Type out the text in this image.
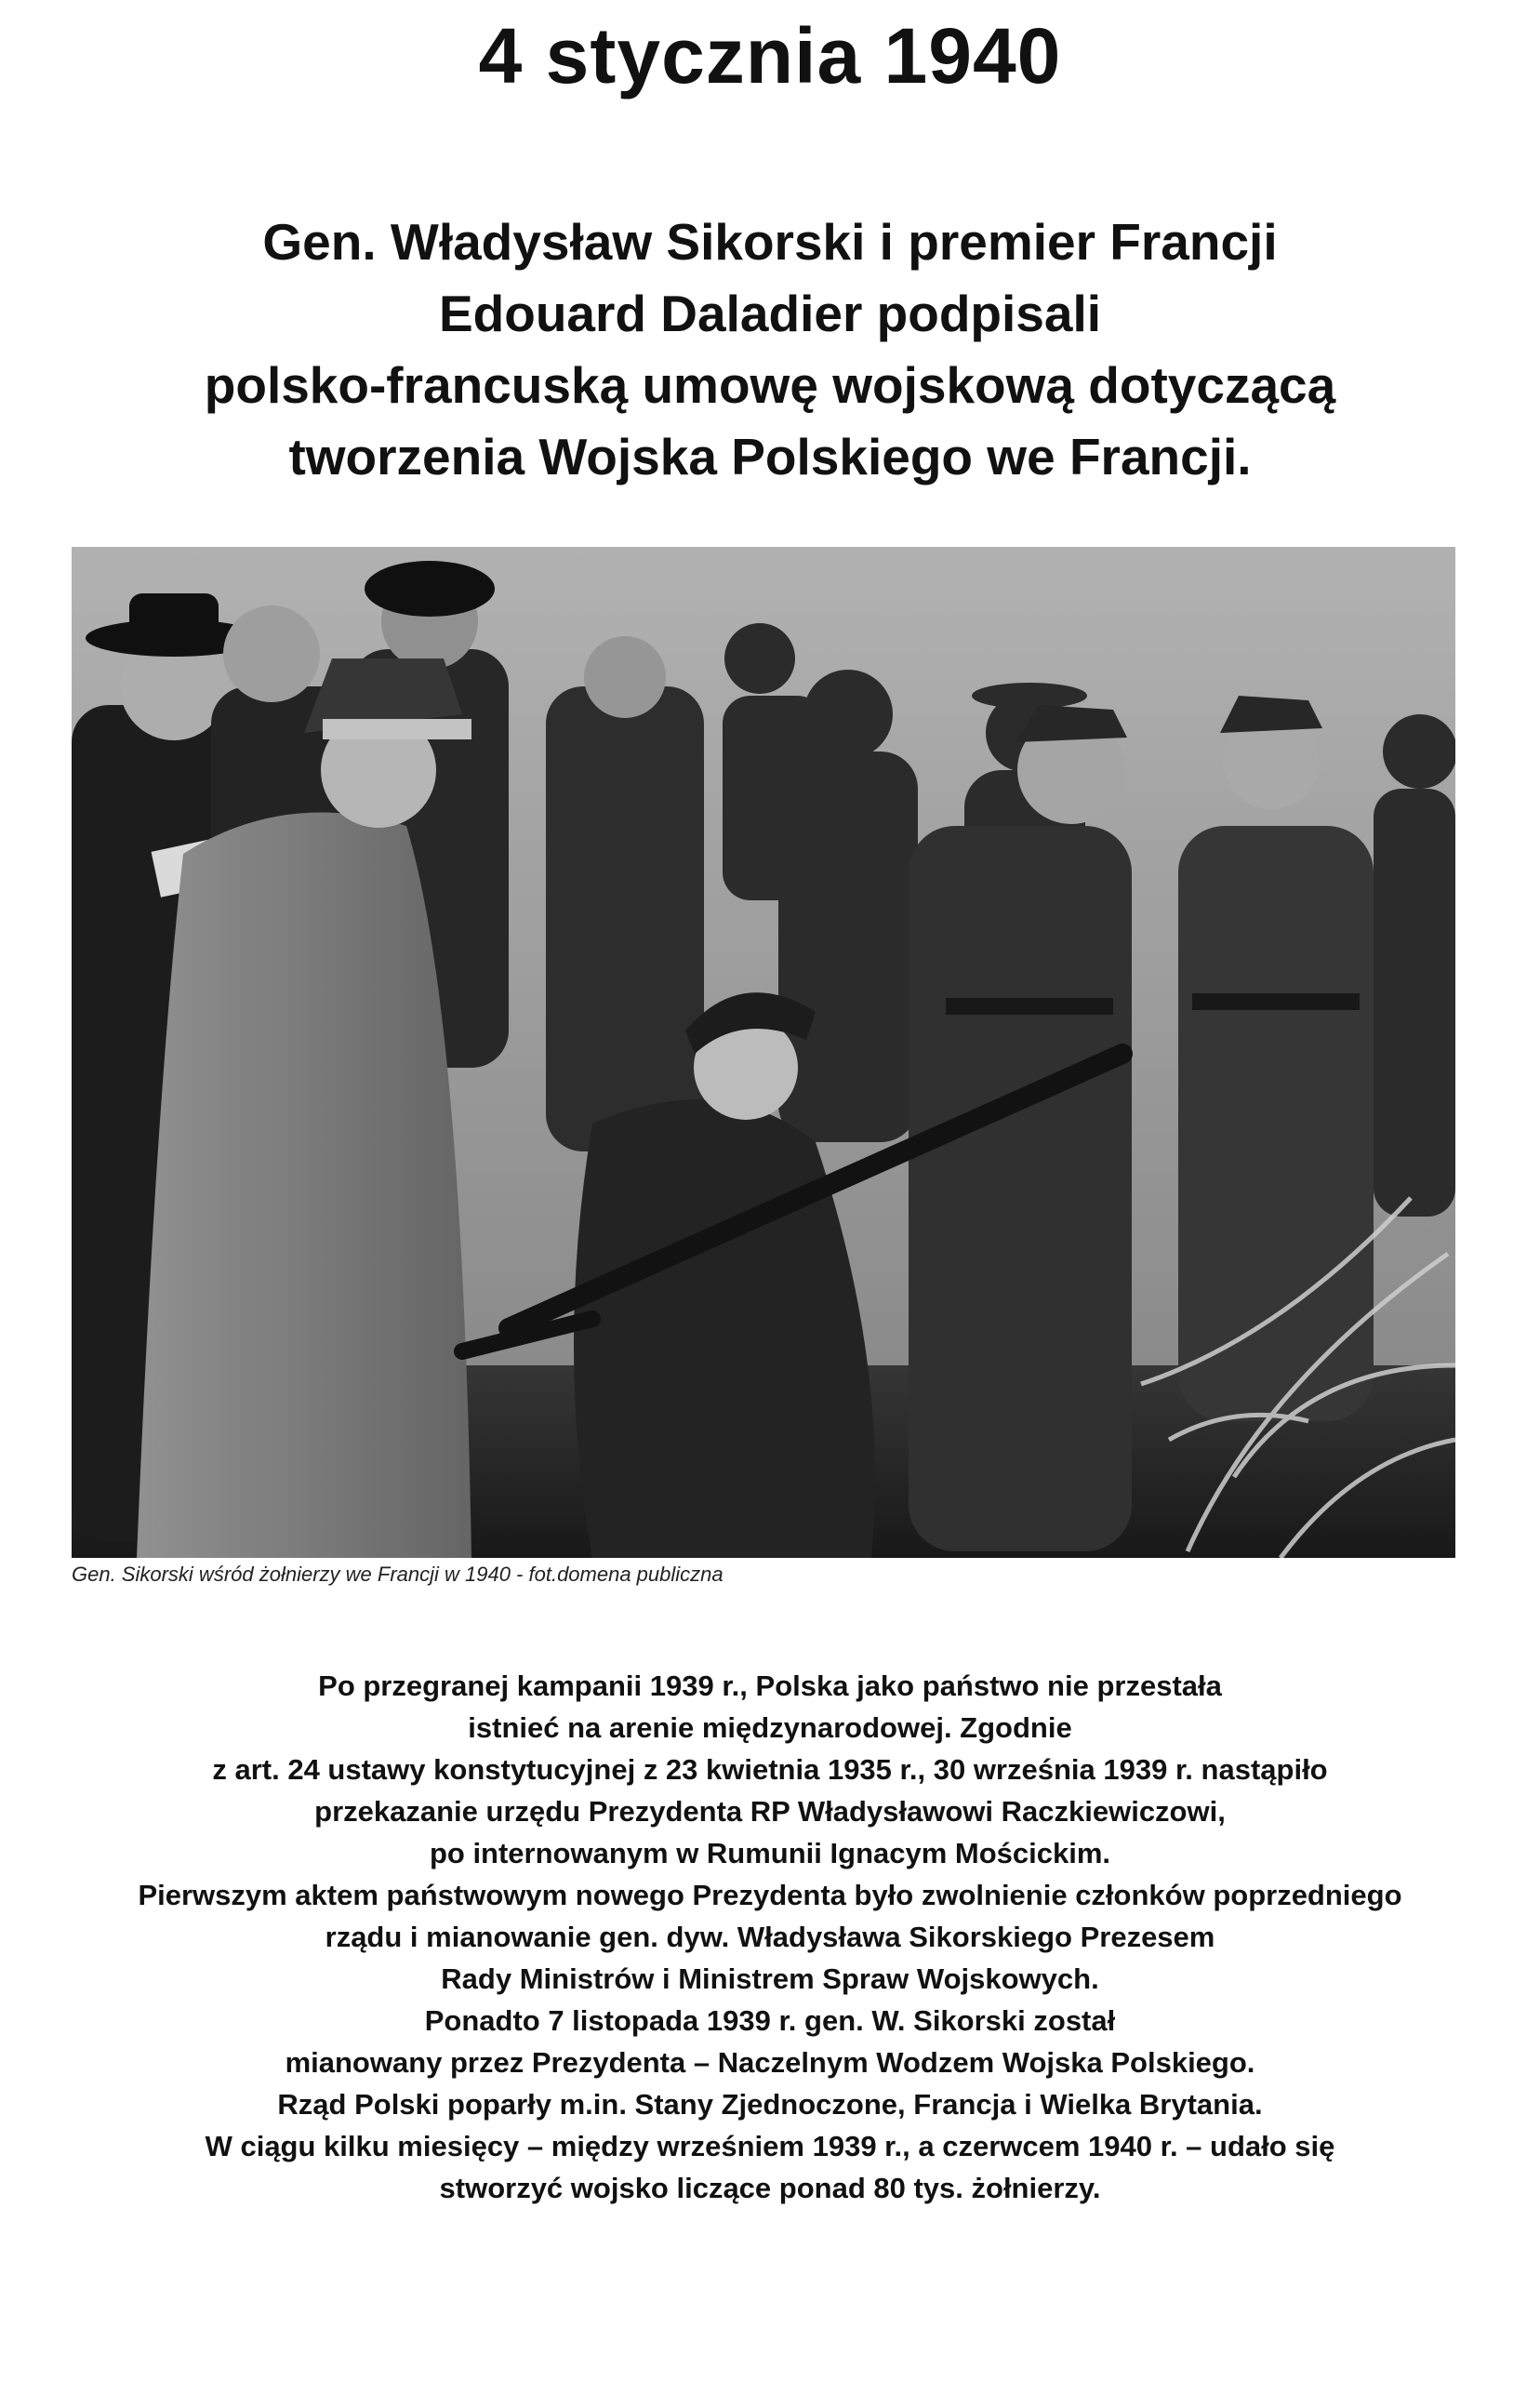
4 stycznia 1940
Gen. Władysław Sikorski i premier Francji
Edouard Daladier podpisali
polsko-francuską umowę wojskową dotyczącą
tworzenia Wojska Polskiego we Francji.
Gen. Sikorski wśród żołnierzy we Francji w 1940 - fot.domena publiczna
Po przegranej kampanii 1939 r., Polska jako państwo nie przestała
istnieć na arenie międzynarodowej. Zgodnie
z art. 24 ustawy konstytucyjnej z 23 kwietnia 1935 r., 30 września 1939 r. nastąpiło
przekazanie urzędu Prezydenta RP Władysławowi Raczkiewiczowi,
po internowanym w Rumunii Ignacym Mościckim.
Pierwszym aktem państwowym nowego Prezydenta było zwolnienie członków poprzedniego
rządu i mianowanie gen. dyw. Władysława Sikorskiego Prezesem
Rady Ministrów i Ministrem Spraw Wojskowych.
Ponadto 7 listopada 1939 r. gen. W. Sikorski został
mianowany przez Prezydenta – Naczelnym Wodzem Wojska Polskiego.
Rząd Polski poparły m.in. Stany Zjednoczone, Francja i Wielka Brytania.
W ciągu kilku miesięcy – między wrześniem 1939 r., a czerwcem 1940 r. – udało się
stworzyć wojsko liczące ponad 80 tys. żołnierzy.
